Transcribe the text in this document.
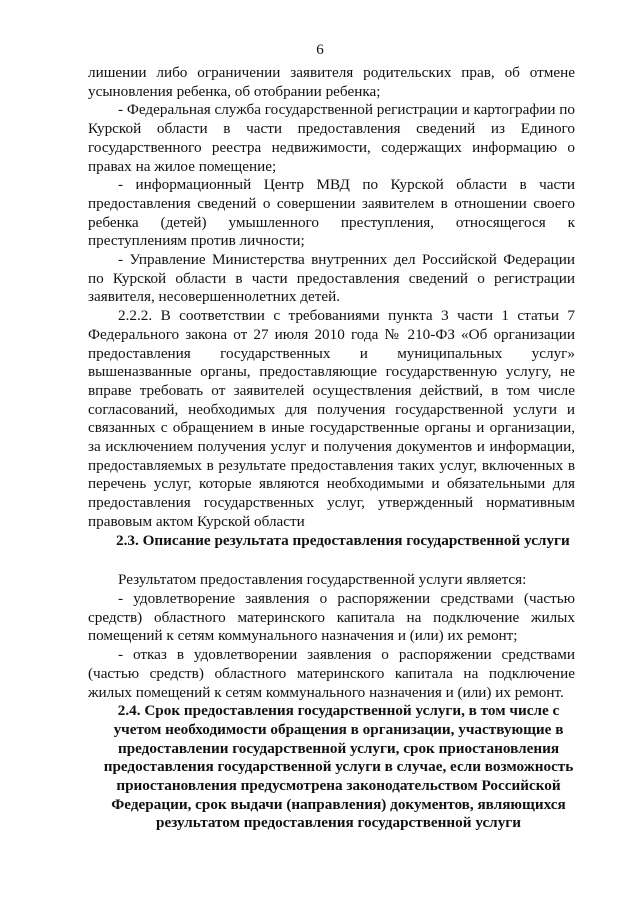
6

лишении либо ограничении заявителя родительских прав, об отмене усыновления ребенка, об отобрании ребенка;

- Федеральная служба государственной регистрации и картографии по Курской области в части предоставления сведений из Единого государственного реестра недвижимости, содержащих информацию о правах на жилое помещение;

- информационный Центр МВД по Курской области в части предоставления сведений о совершении заявителем в отношении своего ребенка (детей) умышленного преступления, относящегося к преступлениям против личности;

- Управление Министерства внутренних дел Российской Федерации по Курской области в части предоставления сведений о регистрации заявителя, несовершеннолетних детей.

2.2.2. В соответствии с требованиями пункта 3 части 1 статьи 7 Федерального закона от 27 июля 2010 года № 210-ФЗ «Об организации предоставления государственных и муниципальных услуг» вышеназванные органы, предоставляющие государственную услугу, не вправе требовать от заявителей осуществления действий, в том числе согласований, необходимых для получения государственной услуги и связанных с обращением в иные государственные органы и организации, за исключением получения услуг и получения документов и информации, предоставляемых в результате предоставления таких услуг, включенных в перечень услуг, которые являются необходимыми и обязательными для предоставления государственных услуг, утвержденный нормативным правовым актом Курской области

2.3. Описание результата предоставления государственной услуги

Результатом предоставления государственной услуги является:

- удовлетворение заявления о распоряжении средствами (частью средств) областного материнского капитала на подключение жилых помещений к сетям коммунального назначения и (или) их ремонт;

- отказ в удовлетворении заявления о распоряжении средствами (частью средств) областного материнского капитала на подключение жилых помещений к сетям коммунального назначения и (или) их ремонт.

2.4. Срок предоставления государственной услуги, в том числе с учетом необходимости обращения в организации, участвующие в предоставлении государственной услуги, срок приостановления предоставления государственной услуги в случае, если возможность приостановления предусмотрена законодательством Российской Федерации, срок выдачи (направления) документов, являющихся результатом предоставления государственной услуги
